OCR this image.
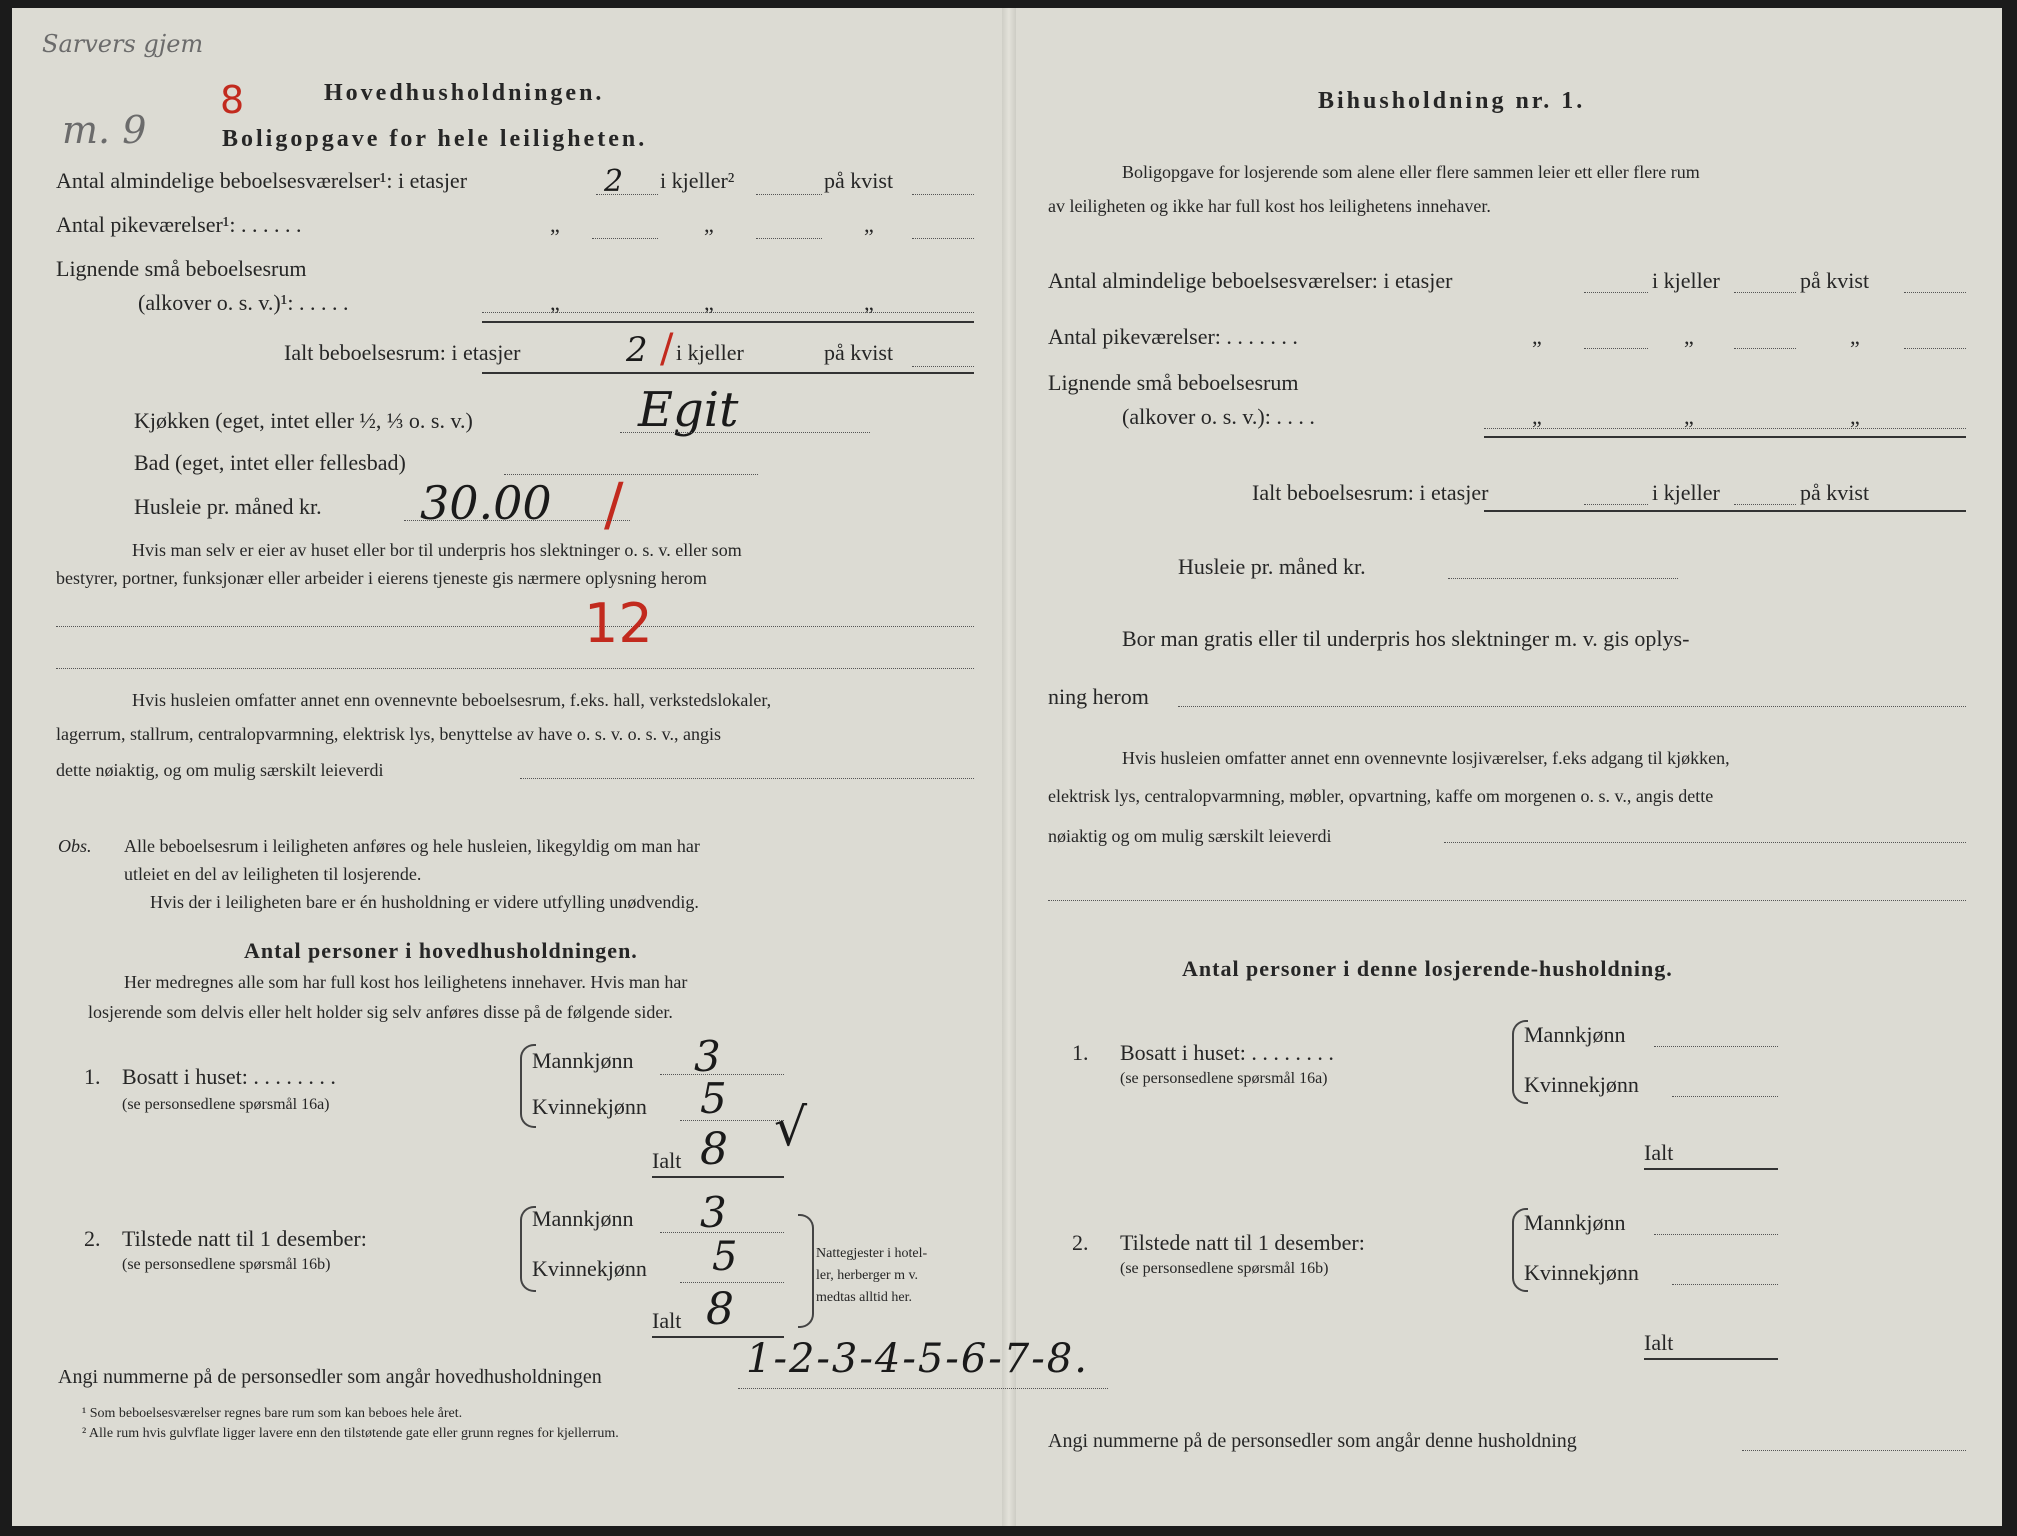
Sarvers gjem
m. 9
8	Hovedhusholdningen.
Boligopgave for hele leiligheten.
Antal almindelige beboelsesværelser¹: i etasjer	2 i kjeller²	på kvist
Antal pikeværelser¹: . . . . . .	„	„	„
Lignende små beboelsesrum
(alkover o. s. v.)¹: . . . . .	„	„	„
Ialt beboelsesrum: i etasjer	2 / i kjeller	på kvist
Kjøkken (eget, intet eller ½, ⅓ o. s. v.)	Egit
Bad (eget, intet eller fellesbad)
Husleie pr. måned kr. 30.00 /
Hvis man selv er eier av huset eller bor til underpris hos slektninger o. s. v. eller som
bestyrer, portner, funksjonær eller arbeider i eierens tjeneste gis nærmere oplysning herom
12
Hvis husleien omfatter annet enn ovennevnte beboelsesrum, f.eks. hall, verkstedslokaler,
lagerrum, stallrum, centralopvarmning, elektrisk lys, benyttelse av have o. s. v. o. s. v., angis
dette nøiaktig, og om mulig særskilt leieverdi
Obs. Alle beboelsesrum i leiligheten anføres og hele husleien, likegyldig om man har
utleiet en del av leiligheten til losjerende.
Hvis der i leiligheten bare er én husholdning er videre utfylling unødvendig.
Antal personer i hovedhusholdningen.
Her medregnes alle som har full kost hos leilighetens innehaver. Hvis man har
losjerende som delvis eller helt holder sig selv anføres disse på de følgende sider.
1. Bosatt i huset: . . . . . . . .
(se personsedlene spørsmål 16a)
Mannkjønn 3
Kvinnekjønn 5 √
Ialt 8
2. Tilstede natt til 1 desember:
(se personsedlene spørsmål 16b)
Mannkjønn 3
Kvinnekjønn 5	Nattegjester i hotel-
ler, herberger m v.
medtas alltid her.
Ialt 8
Angi nummerne på de personsedler som angår hovedhusholdningen	1-2-3-4-5-6-7-8.
¹ Som beboelsesværelser regnes bare rum som kan beboes hele året.
² Alle rum hvis gulvflate ligger lavere enn den tilstøtende gate eller grunn regnes for kjellerrum.
Bihusholdning nr. 1.
Boligopgave for losjerende som alene eller flere sammen leier ett eller flere rum
av leiligheten og ikke har full kost hos leilighetens innehaver.
Antal almindelige beboelsesværelser: i etasjer	i kjeller	på kvist
Antal pikeværelser: . . . . . . .	„	„	„
Lignende små beboelsesrum
(alkover o. s. v.): . . . .	„	„	„
Ialt beboelsesrum: i etasjer	i kjeller	på kvist
Husleie pr. måned kr.
Bor man gratis eller til underpris hos slektninger m. v. gis oplys-
ning herom
Hvis husleien omfatter annet enn ovennevnte losjiværelser, f.eks adgang til kjøkken,
elektrisk lys, centralopvarmning, møbler, opvartning, kaffe om morgenen o. s. v., angis dette
nøiaktig og om mulig særskilt leieverdi
Antal personer i denne losjerende-husholdning.
1. Bosatt i huset: . . . . . . . .
(se personsedlene spørsmål 16a)
Mannkjønn
Kvinnekjønn
Ialt
2. Tilstede natt til 1 desember:
(se personsedlene spørsmål 16b)
Mannkjønn
Kvinnekjønn
Ialt
Angi nummerne på de personsedler som angår denne husholdning
